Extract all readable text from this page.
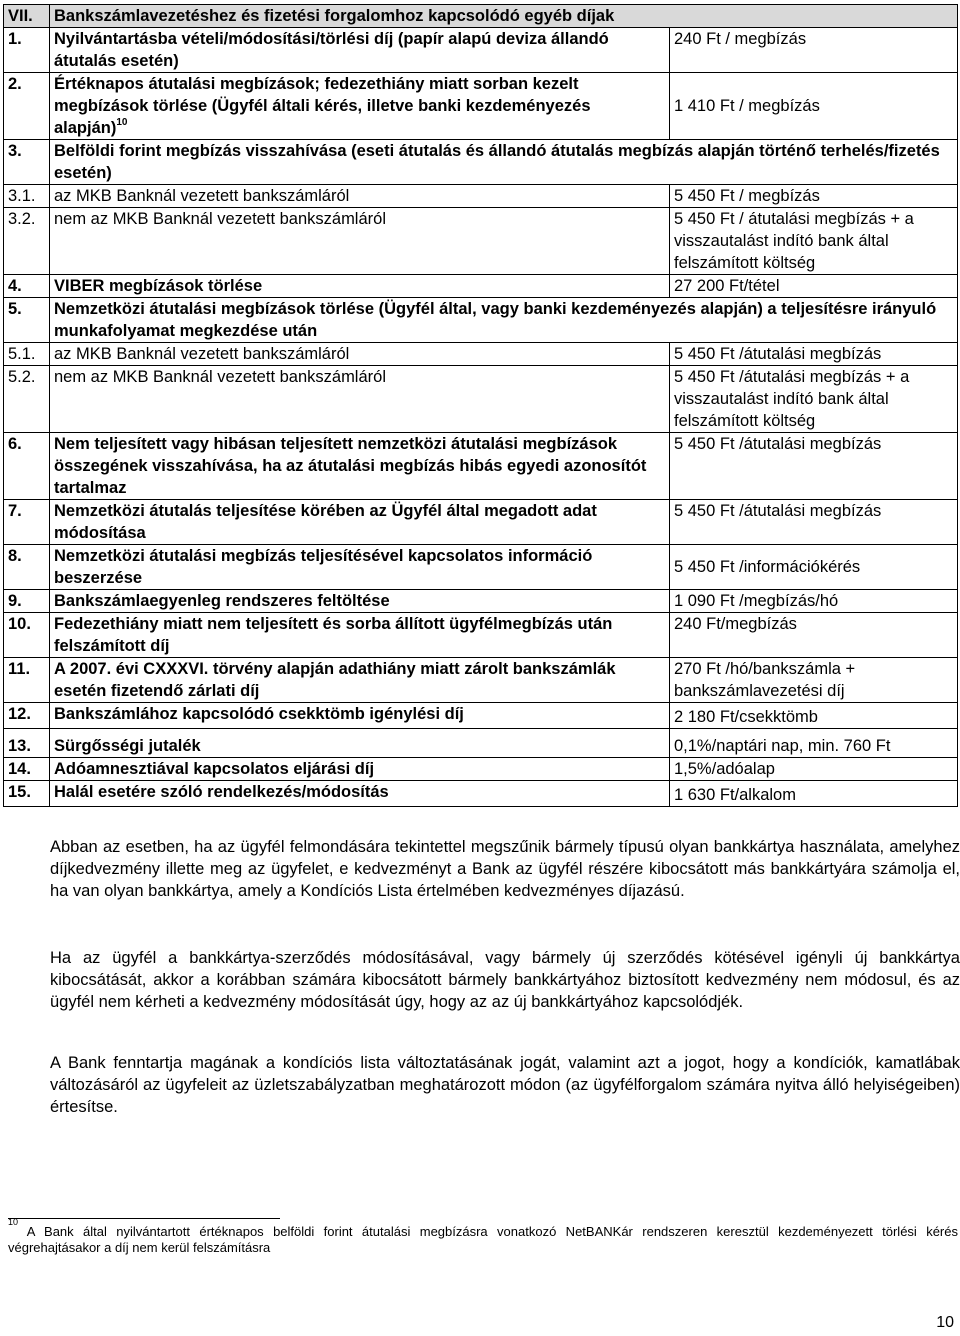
VII.	Bankszámlavezetéshez és fizetési forgalomhoz kapcsolódó egyéb díjak	
1.	Nyilvántartásba vételi/módosítási/törlési díj (papír alapú deviza állandó átutalás esetén)	240 Ft / megbízás
2.	Értéknapos átutalási megbízások; fedezethiány miatt sorban kezelt megbízások törlése (Ügyfél általi kérés, illetve banki kezdeményezés alapján)$^{10}$	1 410 Ft / megbízás
3.	Belföldi forint megbízás visszahívása (eseti átutalás és állandó átutalás megbízás alapján történő terhelés/fizetés esetén)	
3.1.	az MKB Banknál vezetett bankszámláról	5 450 Ft / megbízás
3.2.	nem az MKB Banknál vezetett bankszámláról	5 450 Ft / átutalási megbízás + a visszautalást indító bank által felszámított költség
4.	VIBER megbízások törlése	27 200 Ft/tétel
5.	Nemzetközi átutalási megbízások törlése (Ügyfél által, vagy banki kezdeményezés alapján) a teljesítésre irányuló munkafolyamat megkezdése után	
5.1.	az MKB Banknál vezetett bankszámláról	5 450 Ft /átutalási megbízás
5.2.	nem az MKB Banknál vezetett bankszámláról	5 450 Ft /átutalási megbízás + a visszautalást indító bank által felszámított költség
6.	Nem teljesített vagy hibásan teljesített nemzetközi átutalási megbízások összegének visszahívása, ha az átutalási megbízás hibás egyedi azonosítót tartalmaz	5 450 Ft /átutalási megbízás
7.	Nemzetközi átutalás teljesítése körében az Ügyfél által megadott adat módosítása	5 450 Ft /átutalási megbízás
8.	Nemzetközi átutalási megbízás teljesítésével kapcsolatos információ beszerzése	5 450 Ft /információkérés
9.	Bankszámlaegyenleg rendszeres feltöltése	1 090 Ft /megbízás/hó
10.	Fedezethiány miatt nem teljesített és sorba állított ügyfélmegbízás után felszámított díj	240 Ft/megbízás
11.	A 2007. évi CXXXVI. törvény alapján adathiány miatt zárolt bankszámlák esetén fizetendő zárlati díj	270 Ft /hó/bankszámla + bankszámlavezetési díj
12.	Bankszámlához kapcsolódó csekktömb igénylési díj	2 180 Ft/csekktömb
13.	Sürgősségi jutalék	0,1%/naptári nap, min. 760 Ft
14.	Adóamnesztiával kapcsolatos eljárási díj	1,5%/adóalap
15.	Halál esetére szóló rendelkezés/módosítás	1 630 Ft/alkalom

Abban az esetben, ha az ügyfél felmondására tekintettel megszűnik bármely típusú olyan bankkártya használata, amelyhez díjkedvezmény illette meg az ügyfelet, e kedvezményt a Bank az ügyfél részére kibocsátott más bankkártyára számolja el, ha van olyan bankkártya, amely a Kondíciós Lista értelmében kedvezményes díjazású.

Ha az ügyfél a bankkártya-szerződés módosításával, vagy bármely új szerződés kötésével igényli új bankkártya kibocsátását, akkor a korábban számára kibocsátott bármely bankkártyához biztosított kedvezmény nem módosul, és az ügyfél nem kérheti a kedvezmény módosítását úgy, hogy az az új bankkártyához kapcsolódjék.

A Bank fenntartja magának a kondíciós lista változtatásának jogát, valamint azt a jogot, hogy a kondíciók, kamatlábak változásáról az ügyfeleit az üzletszabályzatban meghatározott módon (az ügyfélforgalom számára nyitva álló helyiségeiben) értesítse.

$^{10}$ A Bank által nyilvántartott értéknapos belföldi forint átutalási megbízásra vonatkozó NetBANKár rendszeren keresztül kezdeményezett törlési kérés végrehajtásakor a díj nem kerül felszámításra
10
